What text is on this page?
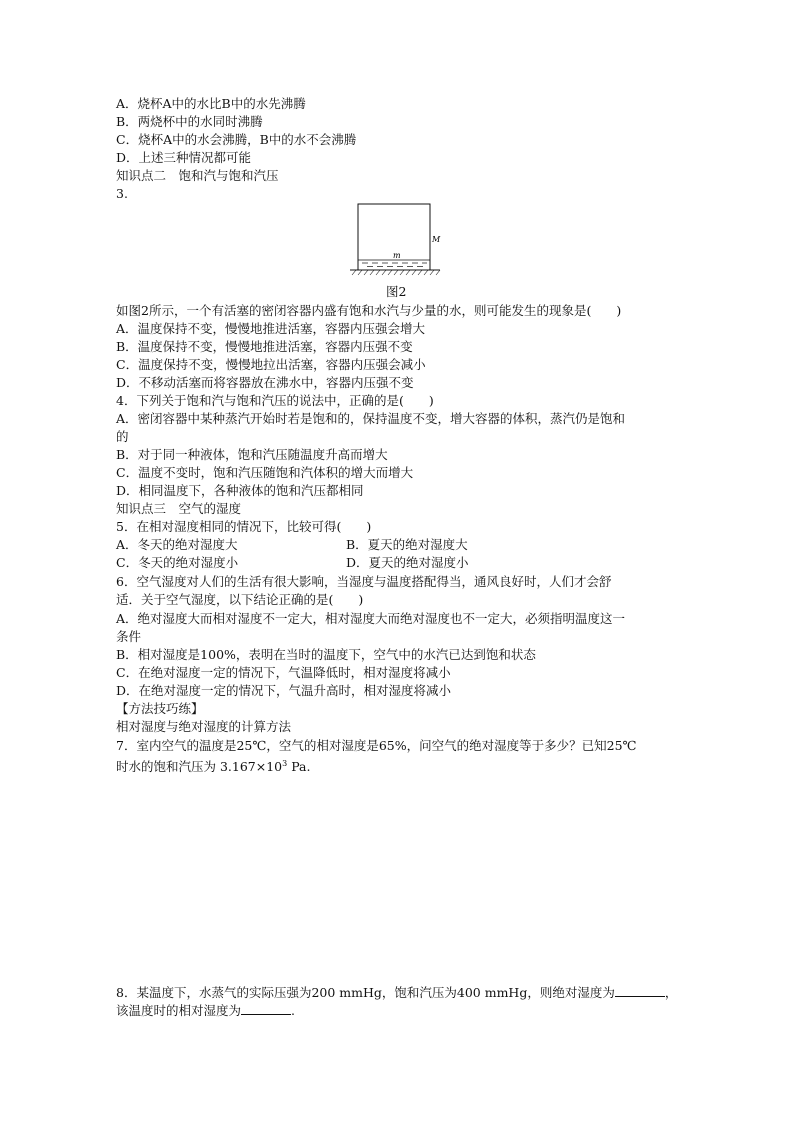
A．烧杯A中的水比B中的水先沸腾
B．两烧杯中的水同时沸腾
C．烧杯A中的水会沸腾，B中的水不会沸腾
D．上述三种情况都可能
知识点二　饱和汽与饱和汽压
3.
M
m
图2
如图2所示，一个有活塞的密闭容器内盛有饱和水汽与少量的水，则可能发生的现象是(　　)
A．温度保持不变，慢慢地推进活塞，容器内压强会增大
B．温度保持不变，慢慢地推进活塞，容器内压强不变
C．温度保持不变，慢慢地拉出活塞，容器内压强会减小
D．不移动活塞而将容器放在沸水中，容器内压强不变
4．下列关于饱和汽与饱和汽压的说法中，正确的是(　　)
A．密闭容器中某种蒸汽开始时若是饱和的，保持温度不变，增大容器的体积，蒸汽仍是饱和
的
B．对于同一种液体，饱和汽压随温度升高而增大
C．温度不变时，饱和汽压随饱和汽体积的增大而增大
D．相同温度下，各种液体的饱和汽压都相同
知识点三　空气的湿度
5．在相对湿度相同的情况下，比较可得(　　)
A．冬天的绝对湿度大	B．夏天的绝对湿度大
C．冬天的绝对湿度小	D．夏天的绝对湿度小
6．空气湿度对人们的生活有很大影响，当湿度与温度搭配得当，通风良好时，人们才会舒
适．关于空气湿度，以下结论正确的是(　　)
A．绝对湿度大而相对湿度不一定大，相对湿度大而绝对湿度也不一定大，必须指明温度这一
条件
B．相对湿度是100%，表明在当时的温度下，空气中的水汽已达到饱和状态
C．在绝对湿度一定的情况下，气温降低时，相对湿度将减小
D．在绝对湿度一定的情况下，气温升高时，相对湿度将减小
【方法技巧练】
相对湿度与绝对湿度的计算方法
7．室内空气的温度是25℃，空气的相对湿度是65%，问空气的绝对湿度等于多少？已知25℃
时水的饱和汽压为 $3.167\times 10^3$ Pa.
8．某温度下，水蒸气的实际压强为200 mmHg，饱和汽压为400 mmHg，则绝对湿度为	，
该温度时的相对湿度为	.
